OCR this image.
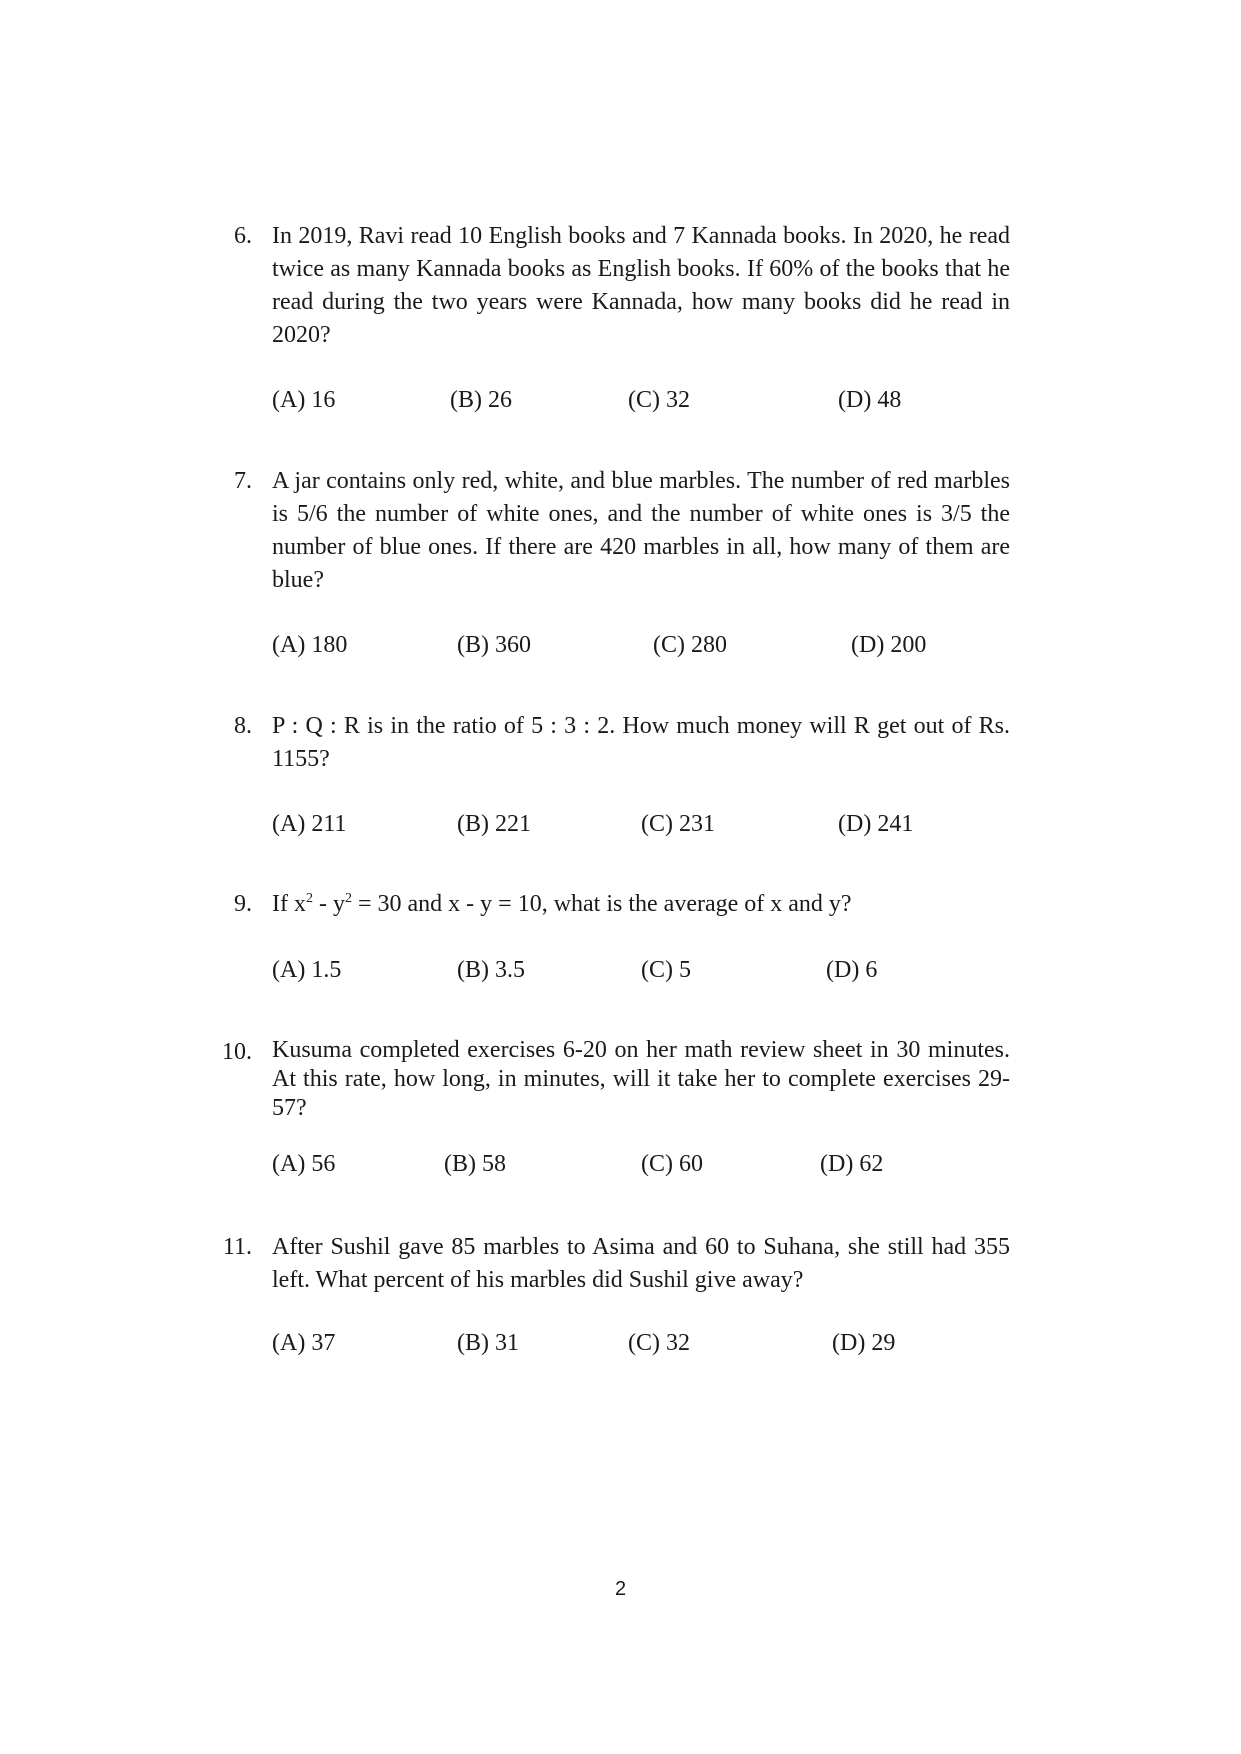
6. In 2019, Ravi read 10 English books and 7 Kannada books. In 2020, he read twice as many Kannada books as English books. If 60% of the books that he read during the two years were Kannada, how many books did he read in 2020?
(A) 16	(B) 26	(C) 32	(D) 48
7. A jar contains only red, white, and blue marbles. The number of red marbles is 5/6 the number of white ones, and the number of white ones is 3/5 the number of blue ones. If there are 420 marbles in all, how many of them are blue?
(A) 180	(B) 360	(C) 280	(D) 200
8. P : Q : R is in the ratio of 5 : 3 : 2. How much money will R get out of Rs. 1155?
(A) 211	(B) 221	(C) 231	(D) 241
9. If $x^2 - y^2 = 30$ and x - y = 10, what is the average of x and y?
(A) 1.5	(B) 3.5	(C) 5	(D) 6
10. Kusuma completed exercises 6-20 on her math review sheet in 30 minutes. At this rate, how long, in minutes, will it take her to complete exercises 29-57?
(A) 56	(B) 58	(C) 60	(D) 62
11. After Sushil gave 85 marbles to Asima and 60 to Suhana, she still had 355 left. What percent of his marbles did Sushil give away?
(A) 37	(B) 31	(C) 32	(D) 29
2
